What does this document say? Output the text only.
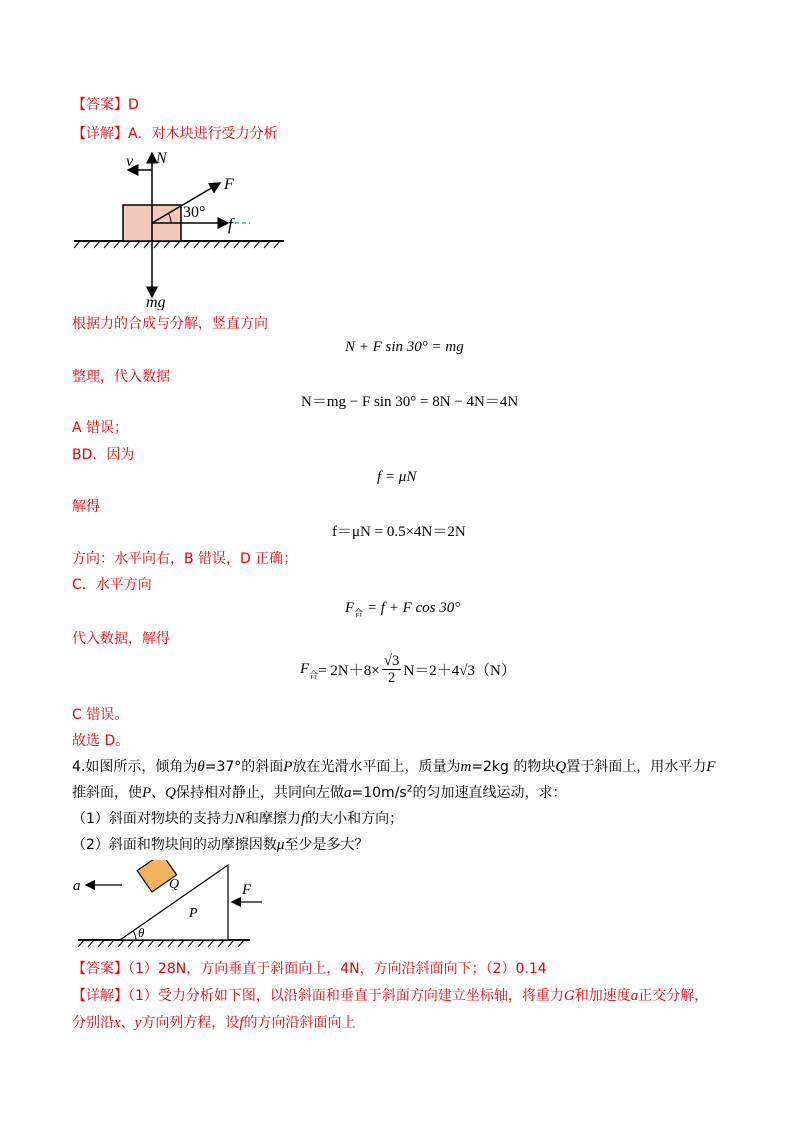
【答案】D
【详解】A．对木块进行受力分析
v N
F
30°
f
mg
根据力的合成与分解，竖直方向
N + F sin 30° = mg
整理，代入数据
N＝mg − F sin 30° = 8N − 4N＝4N
A 错误；
BD．因为
f = μN
解得
f＝μN = 0.5×4N＝2N
方向：水平向右，B 错误，D 正确；
C．水平方向
$F_合 = f + F$ cos 30°
代入数据，解得
$F_合 = 2N+8\times \frac{√3}{2} N=2+4√3(N)$
C 错误。
故选 D。
4.如图所示，倾角为θ=37°的斜面P放在光滑水平面上，质量为m=2kg 的物块Q置于斜面上，用水平力F
推斜面，使P、Q保持相对静止，共同向左做$a=10m/s^2$的匀加速直线运动，求：
（1）斜面对物块的支持力N和摩擦力f的大小和方向；
（2）斜面和物块间的动摩擦因数μ至少是多大？
a	Q
P
F
θ
【答案】（1）28N，方向垂直于斜面向上，4N，方向沿斜面向下；（2）0.14
【详解】（1）受力分析如下图，以沿斜面和垂直于斜面方向建立坐标轴，将重力G和加速度a正交分解，
分别沿x、y方向列方程，设f的方向沿斜面向上
